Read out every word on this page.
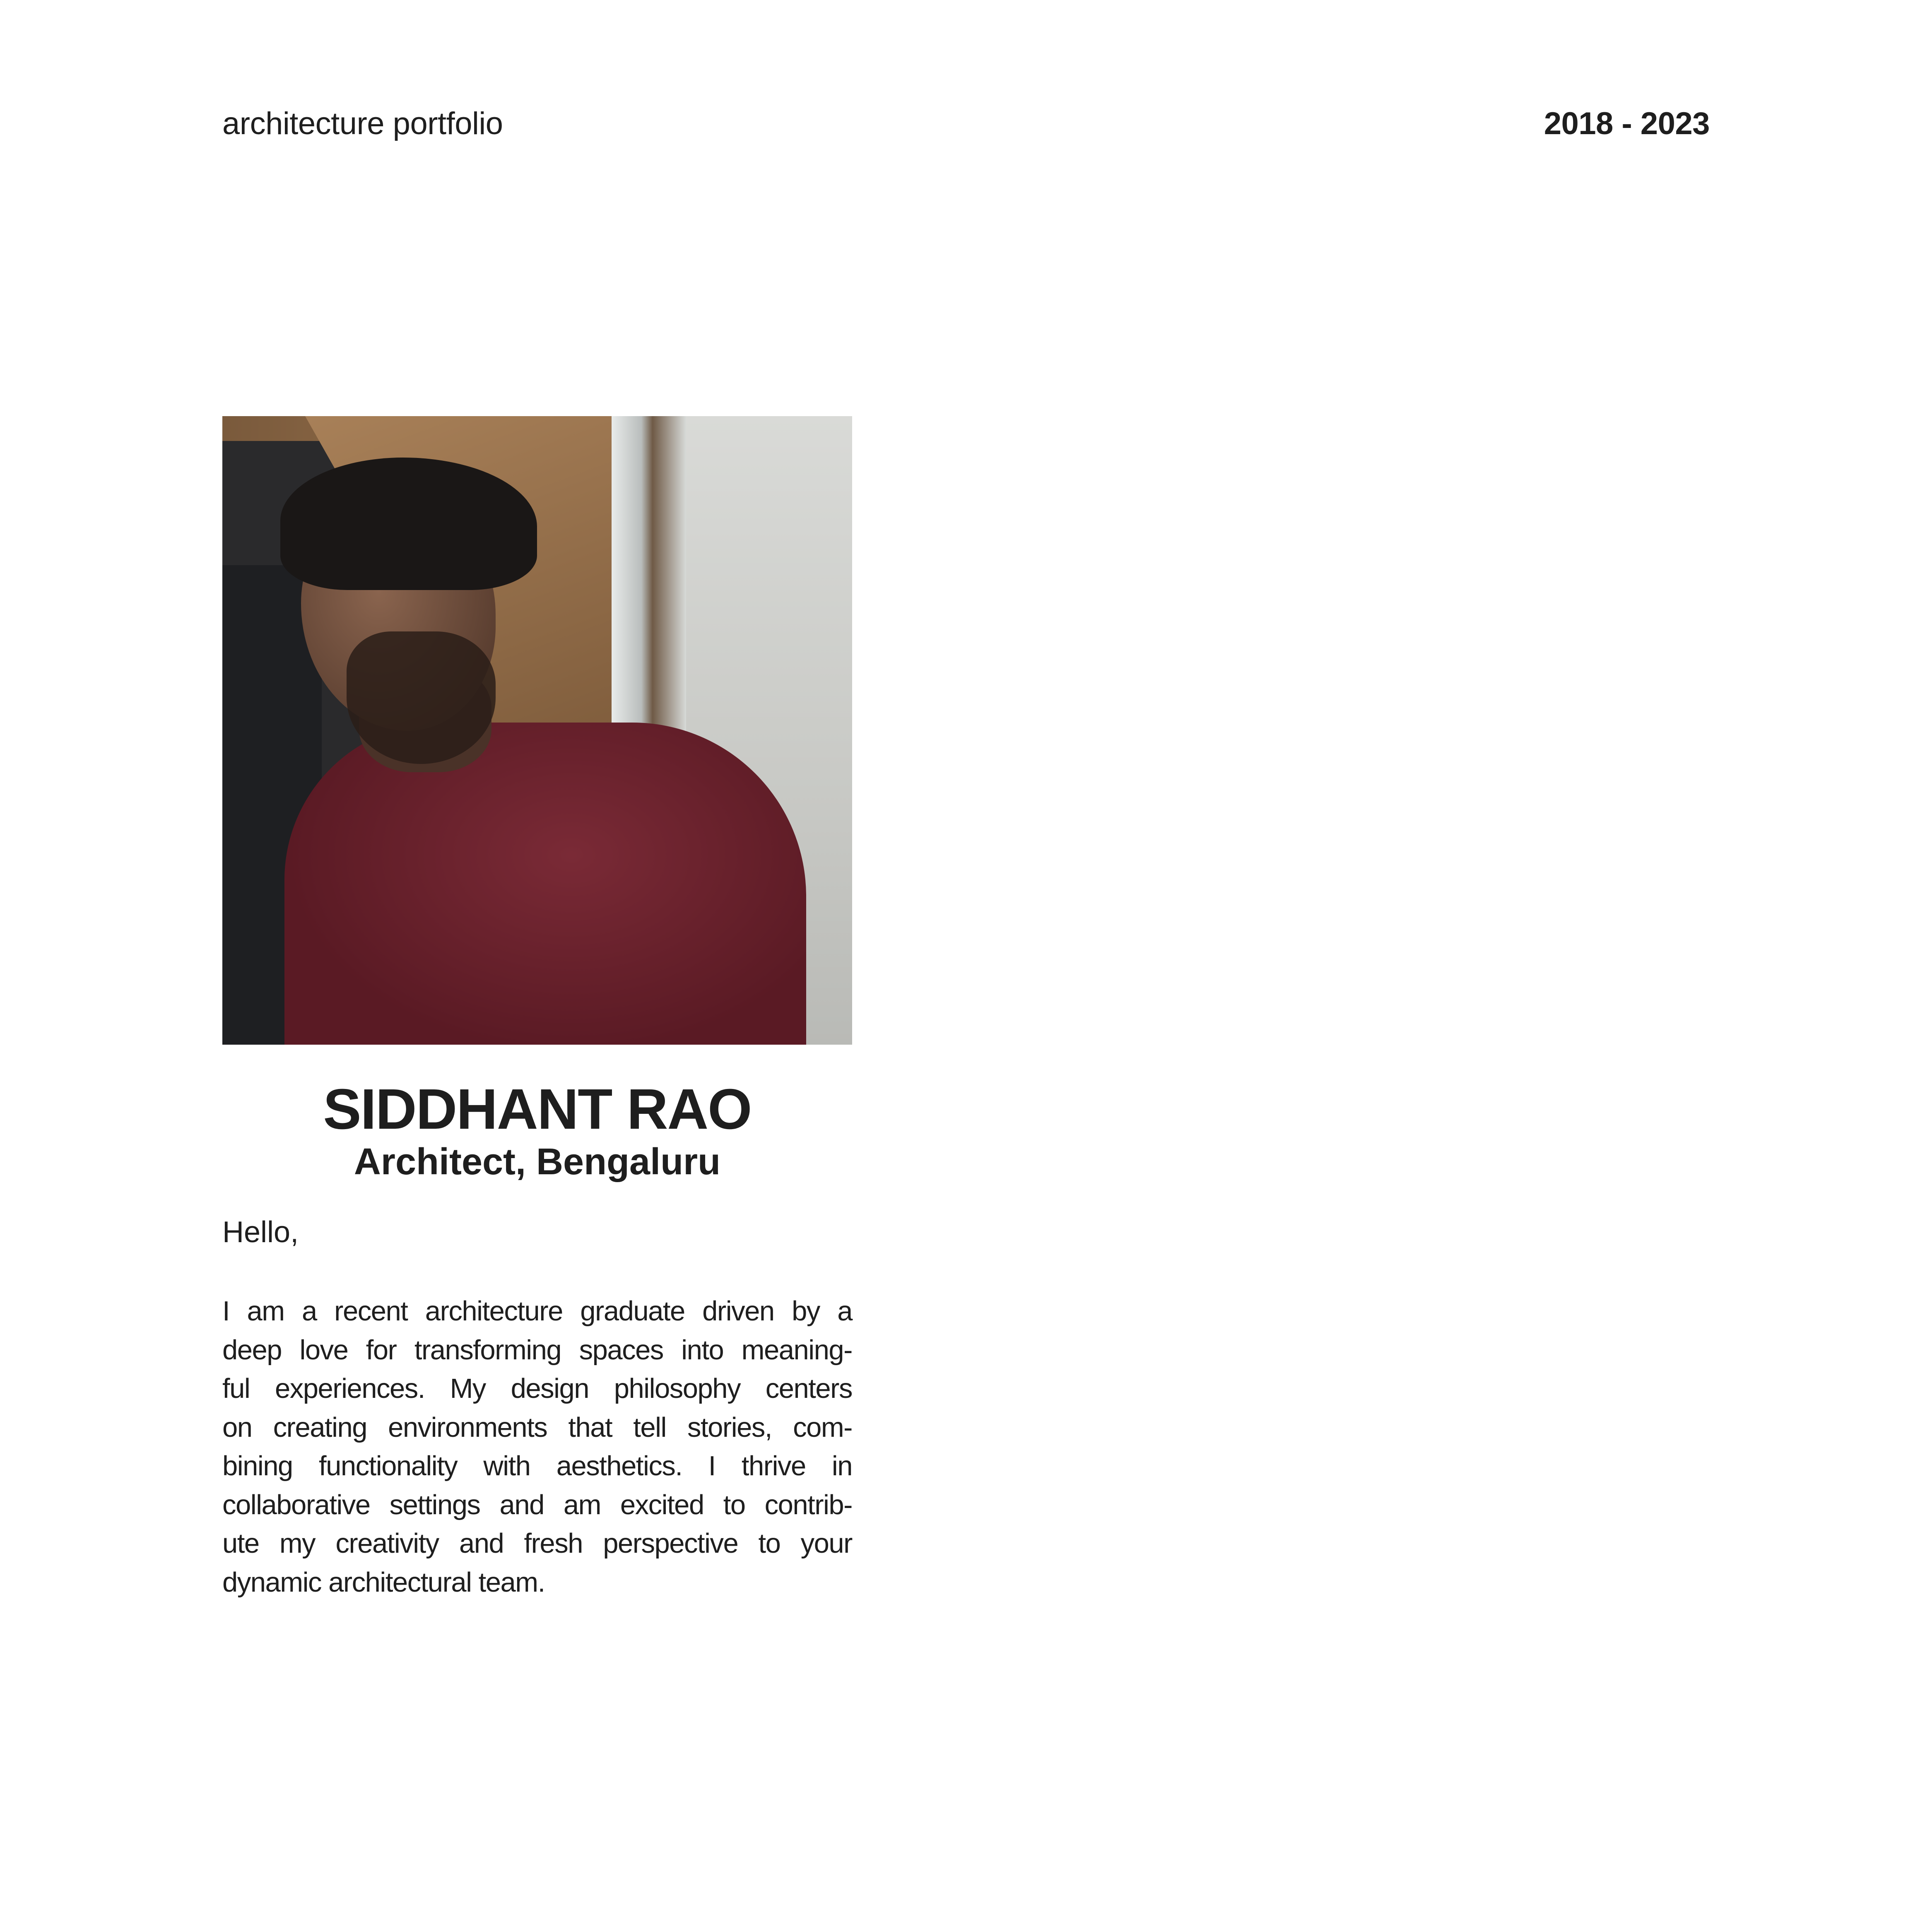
architecture portfolio	2018 - 2023
SIDDHANT RAO
Architect, Bengaluru
Hello,
I am a recent architecture graduate driven by a
deep love for transforming spaces into meaning-
ful experiences. My design philosophy centers
on creating environments that tell stories, com-
bining functionality with aesthetics. I thrive in
collaborative settings and am excited to contrib-
ute my creativity and fresh perspective to your
dynamic architectural team.
